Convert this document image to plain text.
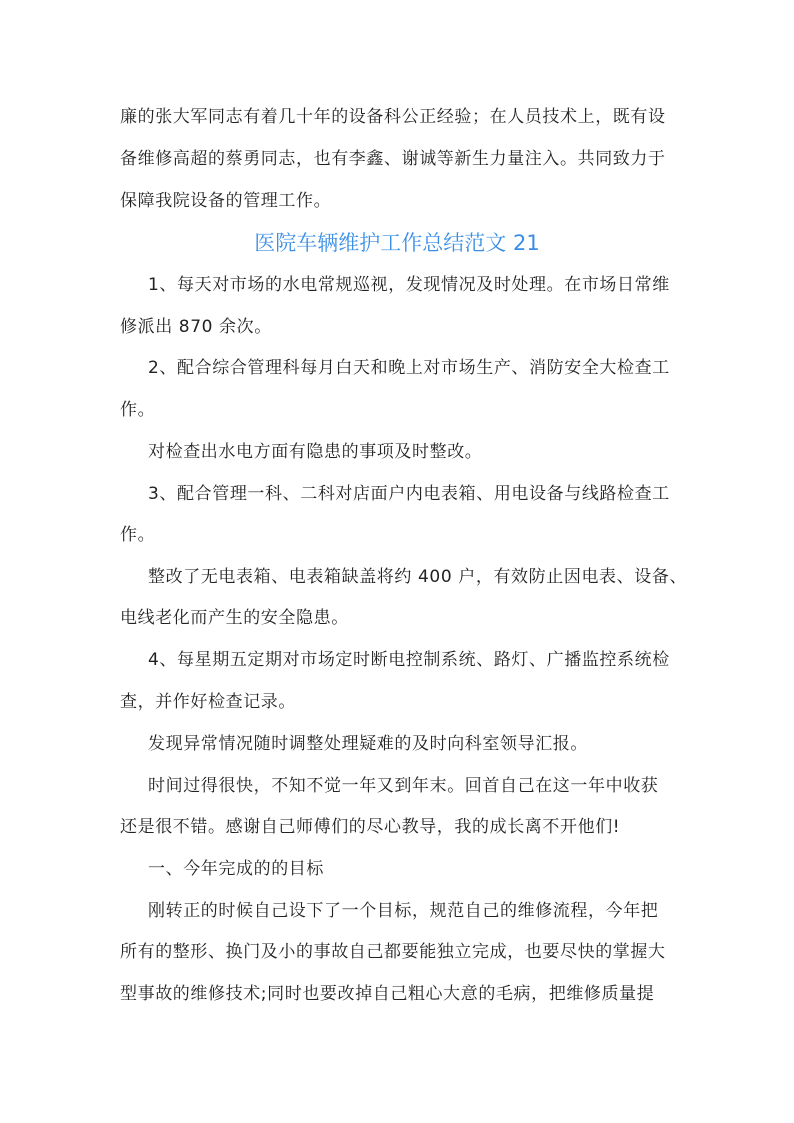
廉的张大军同志有着几十年的设备科公正经验；在人员技术上，既有设
备维修高超的蔡勇同志，也有李鑫、谢诚等新生力量注入。共同致力于
保障我院设备的管理工作。
医院车辆维护工作总结范文 21
1、每天对市场的水电常规巡视，发现情况及时处理。在市场日常维
修派出 870 余次。
2、配合综合管理科每月白天和晚上对市场生产、消防安全大检查工
作。
对检查出水电方面有隐患的事项及时整改。
3、配合管理一科、二科对店面户内电表箱、用电设备与线路检查工
作。
整改了无电表箱、电表箱缺盖将约 400 户，有效防止因电表、设备、
电线老化而产生的安全隐患。
4、每星期五定期对市场定时断电控制系统、路灯、广播监控系统检
查，并作好检查记录。
发现异常情况随时调整处理疑难的及时向科室领导汇报。
时间过得很快，不知不觉一年又到年末。回首自己在这一年中收获
还是很不错。感谢自己师傅们的尽心教导，我的成长离不开他们!
一、今年完成的的目标
刚转正的时候自己设下了一个目标，规范自己的维修流程，今年把
所有的整形、换门及小的事故自己都要能独立完成，也要尽快的掌握大
型事故的维修技术;同时也要改掉自己粗心大意的毛病，把维修质量提
